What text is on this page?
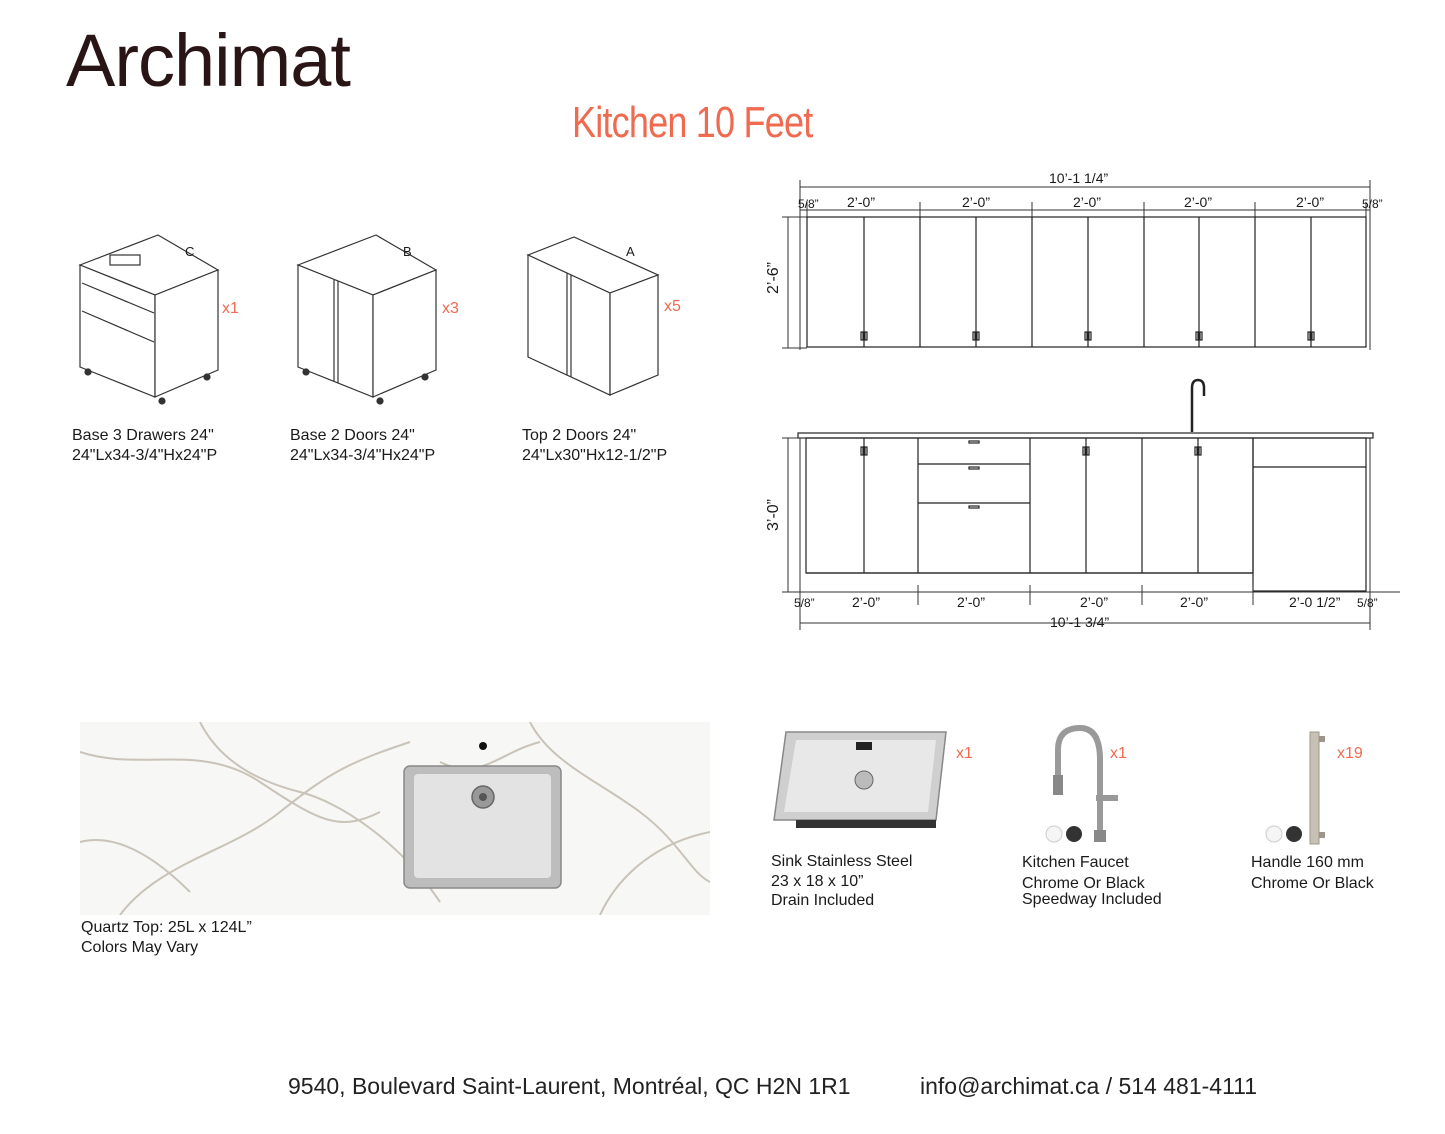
Archimat
Kitchen 10 Feet
C
x1
Base 3 Drawers 24"
24"Lx34-3/4"Hx24"P
B
x3
Base 2 Doors 24"
24"Lx34-3/4"Hx24"P
A
x5
Top 2 Doors 24"
24"Lx30"Hx12-1/2"P
10’-1 1/4”
5/8” 2’-0”	2’-0”	2’-0”	2’-0”	2’-0”	5/8”
2’-6”
3’-0”
5/8”	2’-0”	2’-0”	2’-0”	2’-0”	2’-0 1/2” 5/8”
10’-1 3/4”
Quartz Top: 25L x 124L”
Colors May Vary
x1
Sink Stainless Steel
23 x 18 x 10”
Drain Included
x1
Kitchen Faucet
Chrome Or Black
Speedway Included
x19
Handle 160 mm
Chrome Or Black
9540, Boulevard Saint-Laurent, Montréal, QC H2N 1R1	info@archimat.ca / 514 481-4111
